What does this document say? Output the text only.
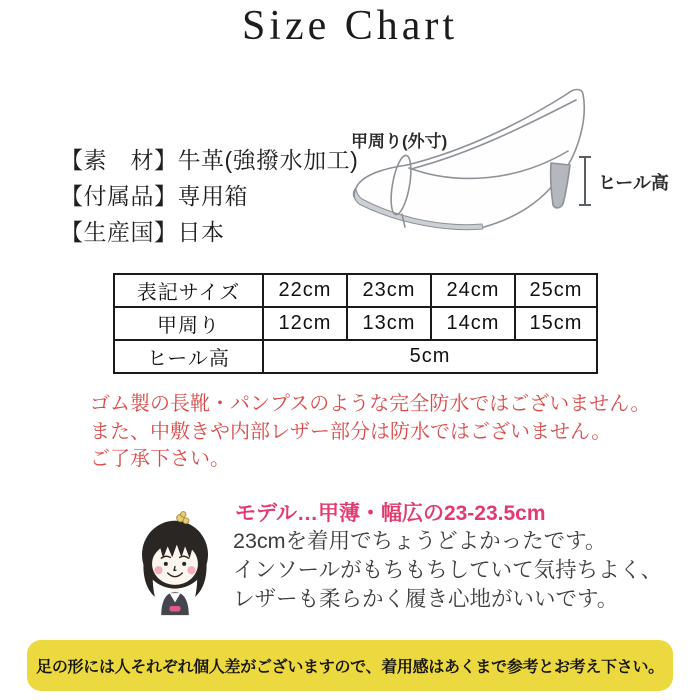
Size Chart
甲周り(外寸)
ヒール高
【素　材】牛革(強撥水加工)
【付属品】専用箱
【生産国】日本
表記サイズ	22cm	23cm	24cm	25cm
甲周り	12cm	13cm	14cm	15cm
ヒール高	5cm			
ゴム製の長靴・パンプスのような完全防水ではございません。
また、中敷きや内部レザー部分は防水ではございません。
ご了承下さい。
モデル…甲薄・幅広の23-23.5cm
23cmを着用でちょうどよかったです。
インソールがもちもちしていて気持ちよく、
レザーも柔らかく履き心地がいいです。
足の形には人それぞれ個人差がございますので、着用感はあくまで参考とお考え下さい。
